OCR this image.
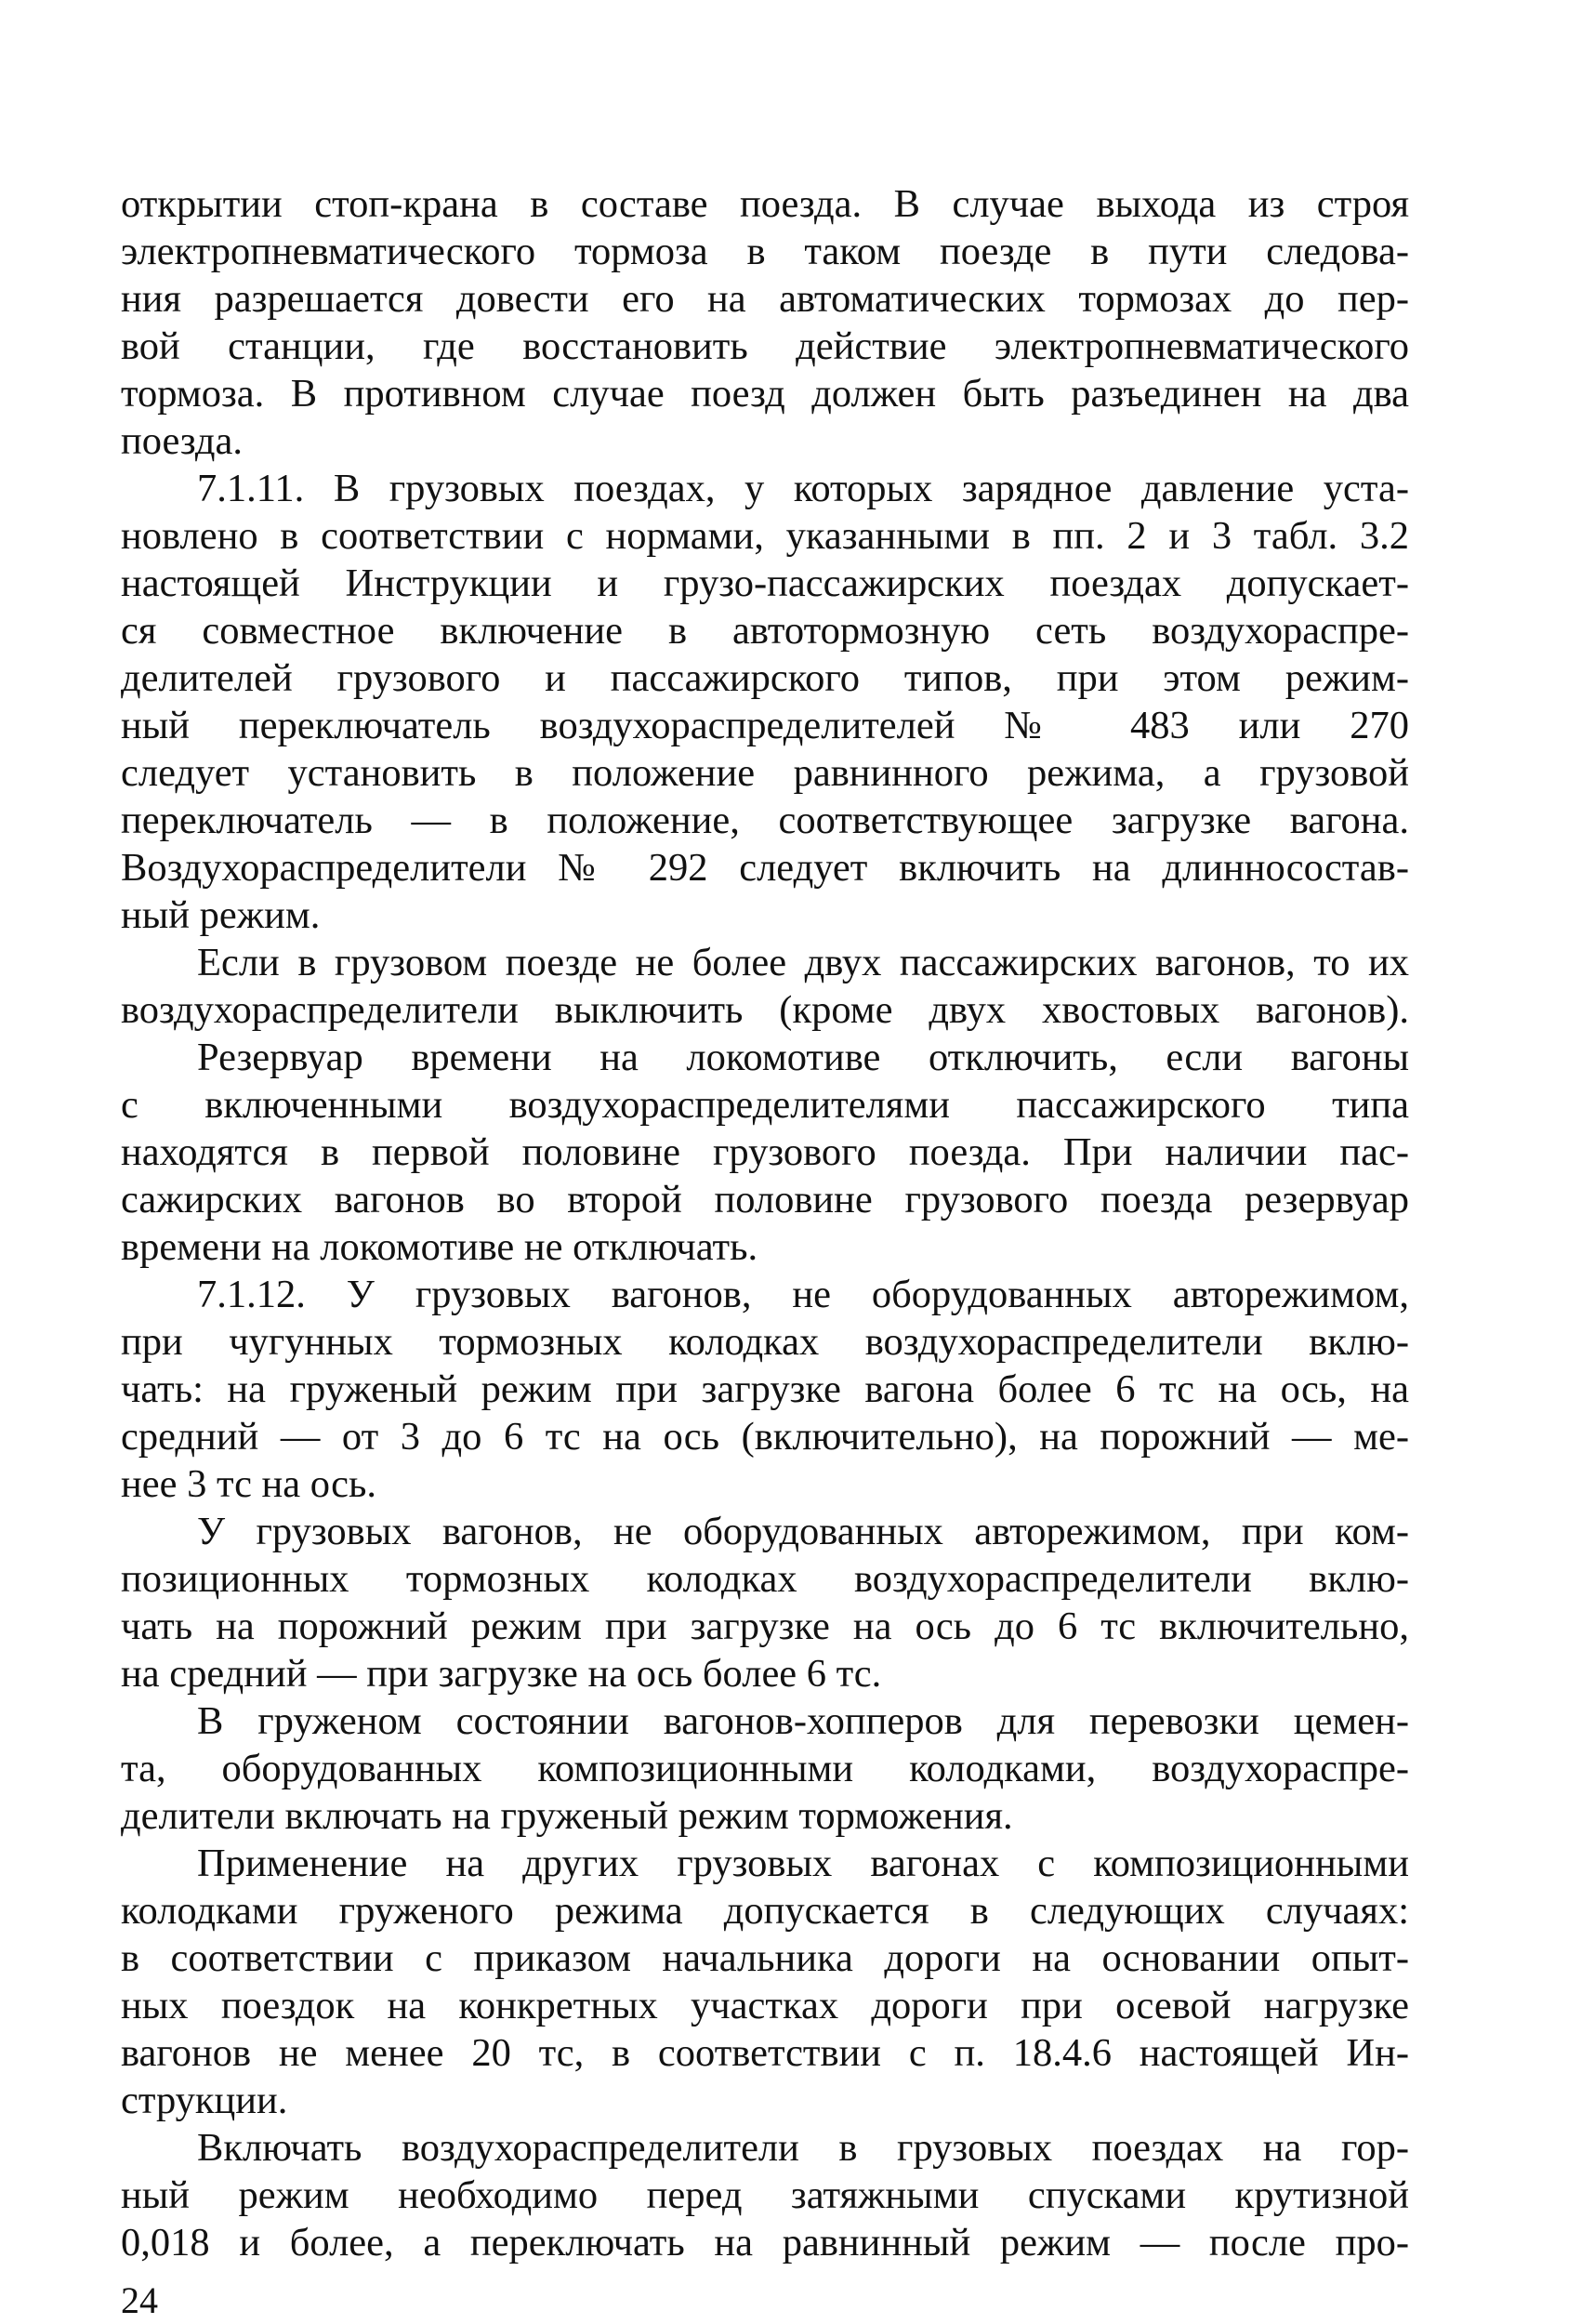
открытии стоп-крана в составе поезда. В случае выхода из строя
электропневматического тормоза в таком поезде в пути следова-
ния разрешается довести его на автоматических тормозах до пер-
вой станции, где восстановить действие электропневматического
тормоза. В противном случае поезд должен быть разъединен на два
поезда.
7.1.11. В грузовых поездах, у которых зарядное давление уста-
новлено в соответствии с нормами, указанными в пп. 2 и 3 табл. 3.2
настоящей Инструкции и грузо-пассажирских поездах допускает-
ся совместное включение в автотормозную сеть воздухораспре-
делителей грузового и пассажирского типов, при этом режим-
ный переключатель воздухораспределителей № 483 или 270
следует установить в положение равнинного режима, а грузовой
переключатель — в положение, соответствующее загрузке вагона.
Воздухораспределители № 292 следует включить на длинносостав-
ный режим.
Если в грузовом поезде не более двух пассажирских вагонов, то их
воздухораспределители выключить (кроме двух хвостовых вагонов).
Резервуар времени на локомотиве отключить, если вагоны
с включенными воздухораспределителями пассажирского типа
находятся в первой половине грузового поезда. При наличии пас-
сажирских вагонов во второй половине грузового поезда резервуар
времени на локомотиве не отключать.
7.1.12. У грузовых вагонов, не оборудованных авторежимом,
при чугунных тормозных колодках воздухораспределители вклю-
чать: на груженый режим при загрузке вагона более 6 тс на ось, на
средний — от 3 до 6 тс на ось (включительно), на порожний — ме-
нее 3 тс на ось.
У грузовых вагонов, не оборудованных авторежимом, при ком-
позиционных тормозных колодках воздухораспределители вклю-
чать на порожний режим при загрузке на ось до 6 тс включительно,
на средний — при загрузке на ось более 6 тс.
В груженом состоянии вагонов-хопперов для перевозки цемен-
та, оборудованных композиционными колодками, воздухораспре-
делители включать на груженый режим торможения.
Применение на других грузовых вагонах с композиционными
колодками груженого режима допускается в следующих случаях:
в соответствии с приказом начальника дороги на основании опыт-
ных поездок на конкретных участках дороги при осевой нагрузке
вагонов не менее 20 тс, в соответствии с п. 18.4.6 настоящей Ин-
струкции.
Включать воздухораспределители в грузовых поездах на гор-
ный режим необходимо перед затяжными спусками крутизной
0,018 и более, а переключать на равнинный режим — после про-
24
